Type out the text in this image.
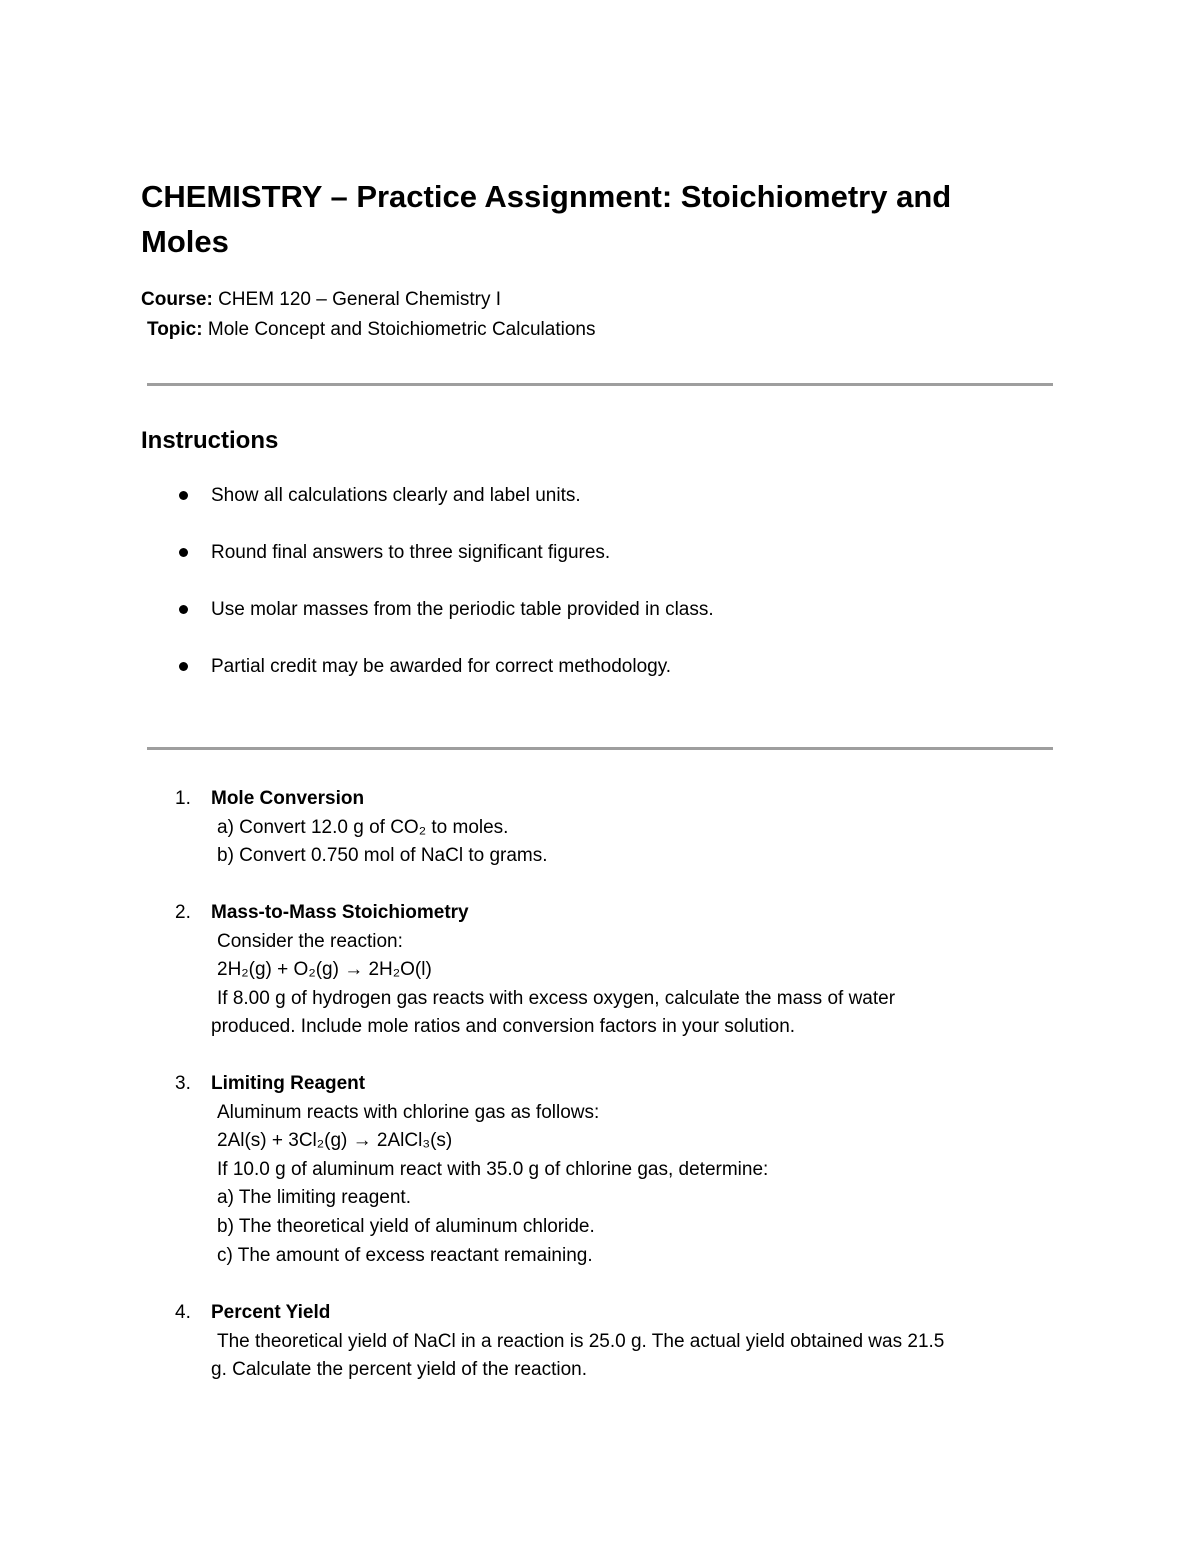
CHEMISTRY – Practice Assignment: Stoichiometry and Moles
Course: CHEM 120 – General Chemistry I
Topic: Mole Concept and Stoichiometric Calculations
Instructions
Show all calculations clearly and label units.
Round final answers to three significant figures.
Use molar masses from the periodic table provided in class.
Partial credit may be awarded for correct methodology.
1. Mole Conversion
a) Convert 12.0 g of CO₂ to moles.
b) Convert 0.750 mol of NaCl to grams.
2. Mass-to-Mass Stoichiometry
Consider the reaction:
2H₂(g) + O₂(g) → 2H₂O(l)
If 8.00 g of hydrogen gas reacts with excess oxygen, calculate the mass of water
produced. Include mole ratios and conversion factors in your solution.
3. Limiting Reagent
Aluminum reacts with chlorine gas as follows:
2Al(s) + 3Cl₂(g) → 2AlCl₃(s)
If 10.0 g of aluminum react with 35.0 g of chlorine gas, determine:
a) The limiting reagent.
b) The theoretical yield of aluminum chloride.
c) The amount of excess reactant remaining.
4. Percent Yield
The theoretical yield of NaCl in a reaction is 25.0 g. The actual yield obtained was 21.5
g. Calculate the percent yield of the reaction.
